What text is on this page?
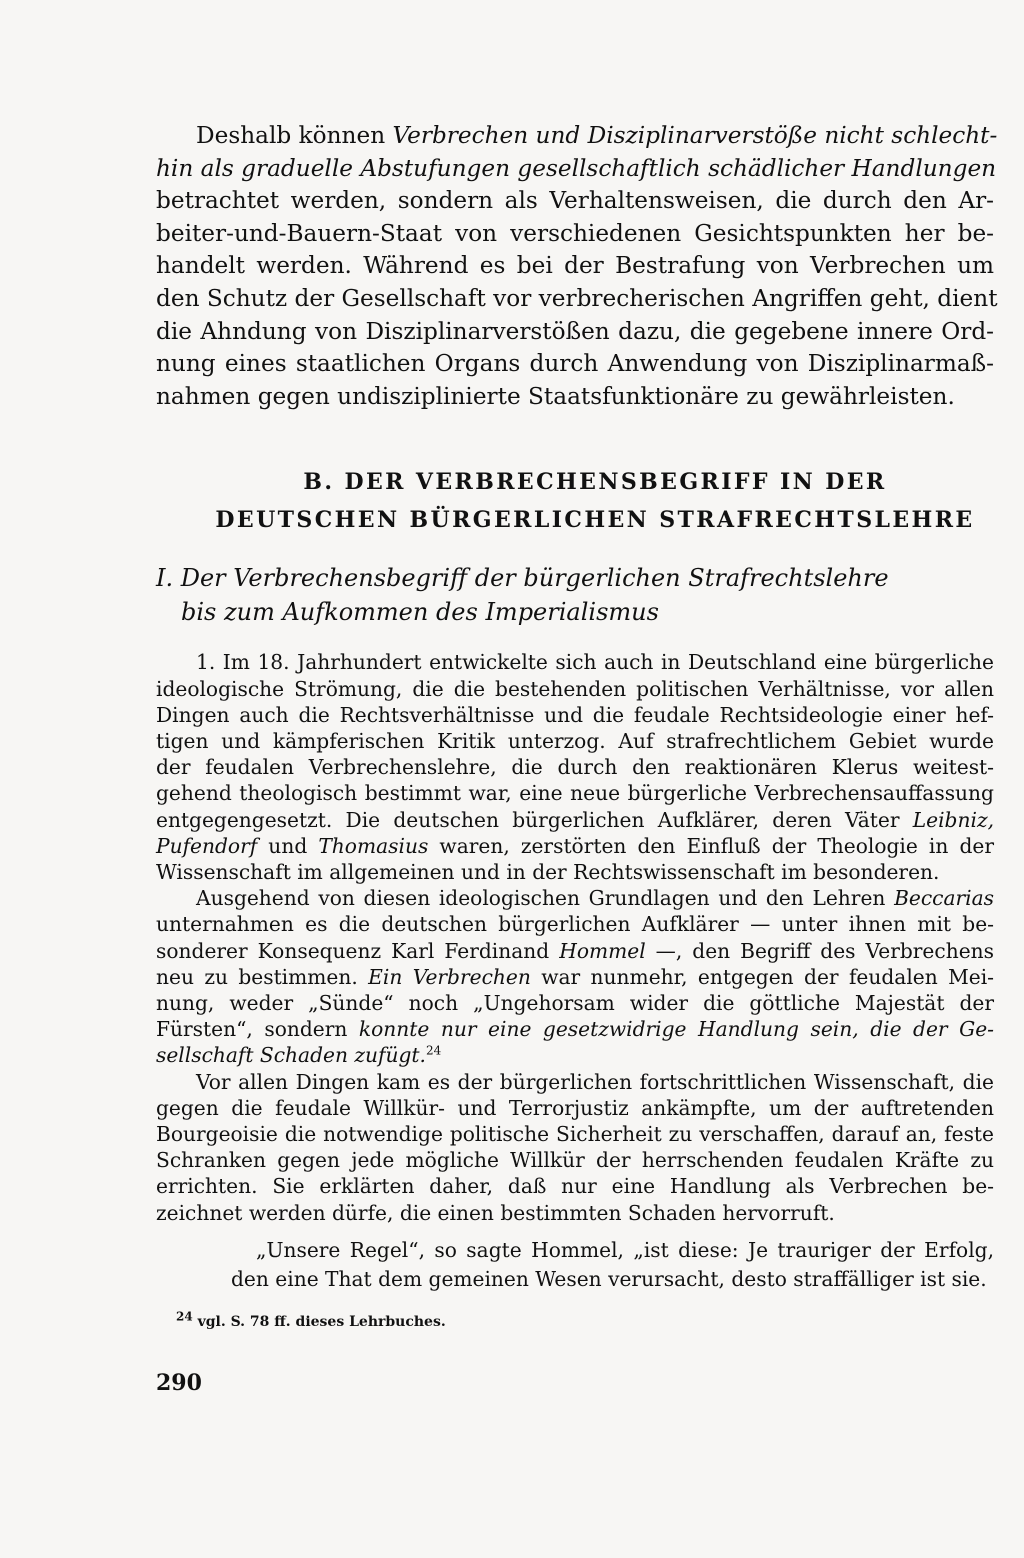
Deshalb können Verbrechen und Disziplinarverstöße nicht schlecht-
hin als graduelle Abstufungen gesellschaftlich schädlicher Handlungen
betrachtet werden, sondern als Verhaltensweisen, die durch den Ar-
beiter-und-Bauern-Staat von verschiedenen Gesichtspunkten her be-
handelt werden. Während es bei der Bestrafung von Verbrechen um
den Schutz der Gesellschaft vor verbrecherischen Angriffen geht, dient
die Ahndung von Disziplinarverstößen dazu, die gegebene innere Ord-
nung eines staatlichen Organs durch Anwendung von Disziplinarmaß-
nahmen gegen undisziplinierte Staatsfunktionäre zu gewährleisten.
B. DER VERBRECHENSBEGRIFF IN DER
DEUTSCHEN BÜRGERLICHEN STRAFRECHTSLEHRE
I. Der Verbrechensbegriff der bürgerlichen Strafrechtslehre
bis zum Aufkommen des Imperialismus
1. Im 18. Jahrhundert entwickelte sich auch in Deutschland eine bürgerliche
ideologische Strömung, die die bestehenden politischen Verhältnisse, vor allen
Dingen auch die Rechtsverhältnisse und die feudale Rechtsideologie einer hef-
tigen und kämpferischen Kritik unterzog. Auf strafrechtlichem Gebiet wurde
der feudalen Verbrechenslehre, die durch den reaktionären Klerus weitest-
gehend theologisch bestimmt war, eine neue bürgerliche Verbrechensauffassung
entgegengesetzt. Die deutschen bürgerlichen Aufklärer, deren Väter Leibniz,
Pufendorf und Thomasius waren, zerstörten den Einfluß der Theologie in der
Wissenschaft im allgemeinen und in der Rechtswissenschaft im besonderen.
Ausgehend von diesen ideologischen Grundlagen und den Lehren Beccarias
unternahmen es die deutschen bürgerlichen Aufklärer — unter ihnen mit be-
sonderer Konsequenz Karl Ferdinand Hommel —, den Begriff des Verbrechens
neu zu bestimmen. Ein Verbrechen war nunmehr, entgegen der feudalen Mei-
nung, weder „Sünde“ noch „Ungehorsam wider die göttliche Majestät der
Fürsten“, sondern konnte nur eine gesetzwidrige Handlung sein, die der Ge-
sellschaft Schaden zufügt.$^{24}$
Vor allen Dingen kam es der bürgerlichen fortschrittlichen Wissenschaft, die
gegen die feudale Willkür- und Terrorjustiz ankämpfte, um der auftretenden
Bourgeoisie die notwendige politische Sicherheit zu verschaffen, darauf an, feste
Schranken gegen jede mögliche Willkür der herrschenden feudalen Kräfte zu
errichten. Sie erklärten daher, daß nur eine Handlung als Verbrechen be-
zeichnet werden dürfe, die einen bestimmten Schaden hervorruft.
„Unsere Regel“, so sagte Hommel, „ist diese: Je trauriger der Erfolg,
den eine That dem gemeinen Wesen verursacht, desto straffälliger ist sie.
$^{24}$ vgl. S. 78 ff. dieses Lehrbuches.
290
